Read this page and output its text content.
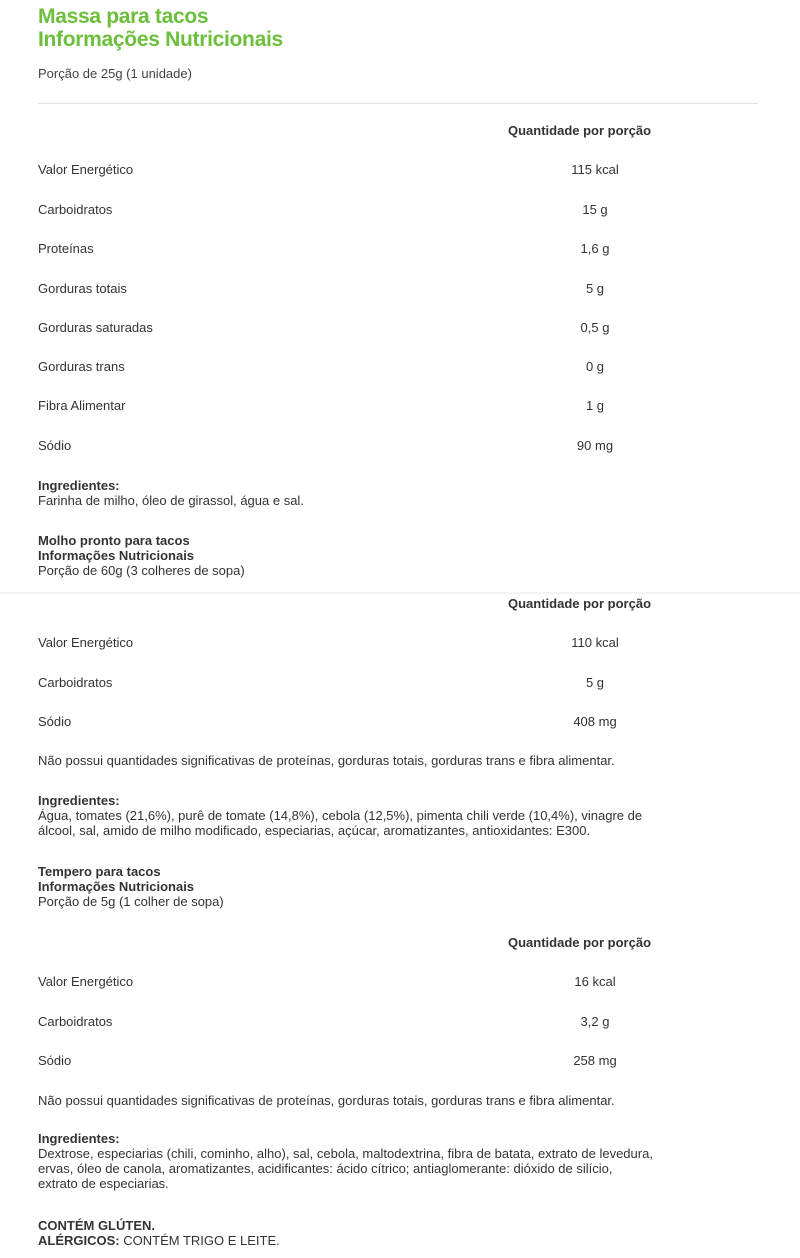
Massa para tacos
Informações Nutricionais
Porção de 25g (1 unidade)
Quantidade por porção
Valor Energético	115 kcal
Carboidratos	15 g
Proteínas	1,6 g
Gorduras totais	5 g
Gorduras saturadas	0,5 g
Gorduras trans	0 g
Fibra Alimentar	1 g
Sódio	90 mg
Ingredientes:
Farinha de milho, óleo de girassol, água e sal.
Molho pronto para tacos
Informações Nutricionais
Porção de 60g (3 colheres de sopa)
Quantidade por porção
Valor Energético	110 kcal
Carboidratos	5 g
Sódio	408 mg
Não possui quantidades significativas de proteínas, gorduras totais, gorduras trans e fibra alimentar.
Ingredientes:
Água, tomates (21,6%), purê de tomate (14,8%), cebola (12,5%), pimenta chili verde (10,4%), vinagre de
álcool, sal, amido de milho modificado, especiarias, açúcar, aromatizantes, antioxidantes: E300.
Tempero para tacos
Informações Nutricionais
Porção de 5g (1 colher de sopa)
Quantidade por porção
Valor Energético	16 kcal
Carboidratos	3,2 g
Sódio	258 mg
Não possui quantidades significativas de proteínas, gorduras totais, gorduras trans e fibra alimentar.
Ingredientes:
Dextrose, especiarias (chili, cominho, alho), sal, cebola, maltodextrina, fibra de batata, extrato de levedura,
ervas, óleo de canola, aromatizantes, acidificantes: ácido cítrico; antiaglomerante: dióxido de silício,
extrato de especiarias.
CONTÉM GLÚTEN.
ALÉRGICOS: CONTÉM TRIGO E LEITE.
